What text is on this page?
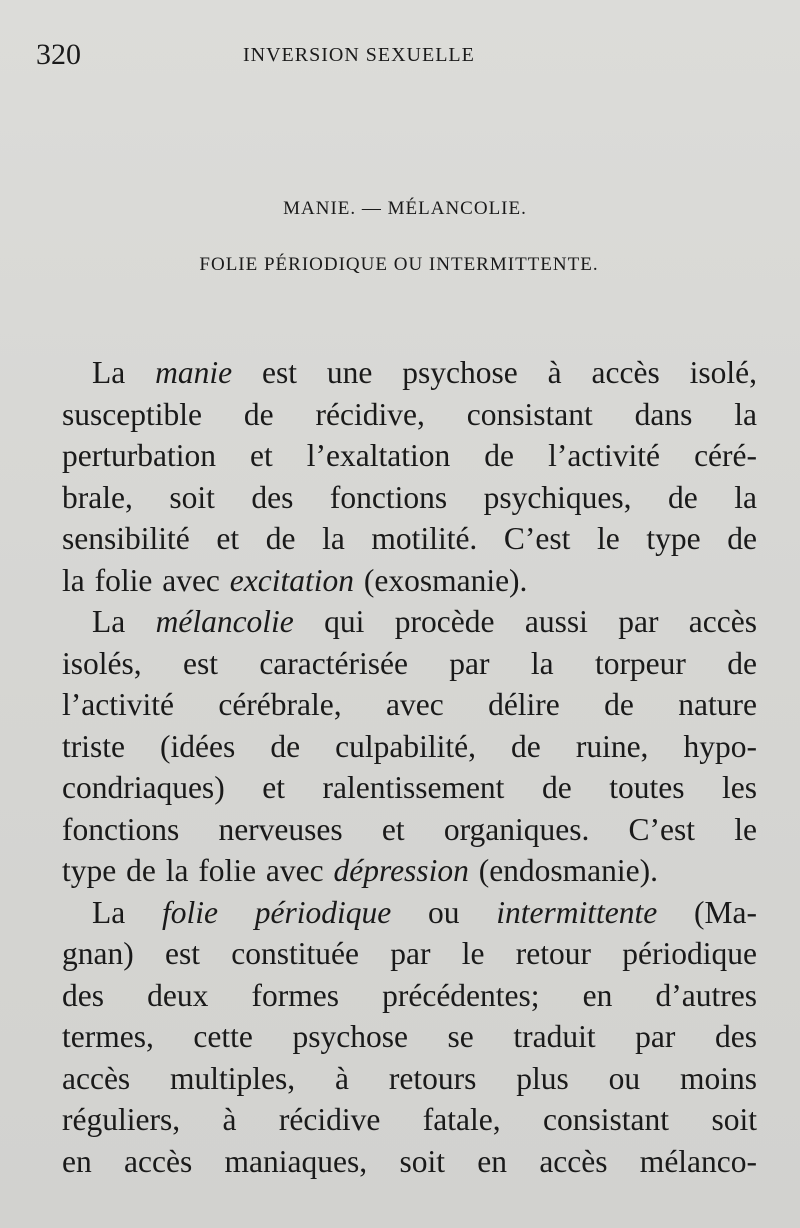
320	INVERSION SEXUELLE
MANIE. — MÉLANCOLIE.
FOLIE PÉRIODIQUE OU INTERMITTENTE.
La manie est une psychose à accès isolé,
susceptible de récidive, consistant dans la
perturbation et l’exaltation de l’activité céré-
brale, soit des fonctions psychiques, de la
sensibilité et de la motilité. C’est le type de
la folie avec excitation (exosmanie).
La mélancolie qui procède aussi par accès
isolés, est caractérisée par la torpeur de
l’activité cérébrale, avec délire de nature
triste (idées de culpabilité, de ruine, hypo-
condriaques) et ralentissement de toutes les
fonctions nerveuses et organiques. C’est le
type de la folie avec dépression (endosmanie).
La folie périodique ou intermittente (Ma-
gnan) est constituée par le retour périodique
des deux formes précédentes; en d’autres
termes, cette psychose se traduit par des
accès multiples, à retours plus ou moins
réguliers, à récidive fatale, consistant soit
en accès maniaques, soit en accès mélanco-
